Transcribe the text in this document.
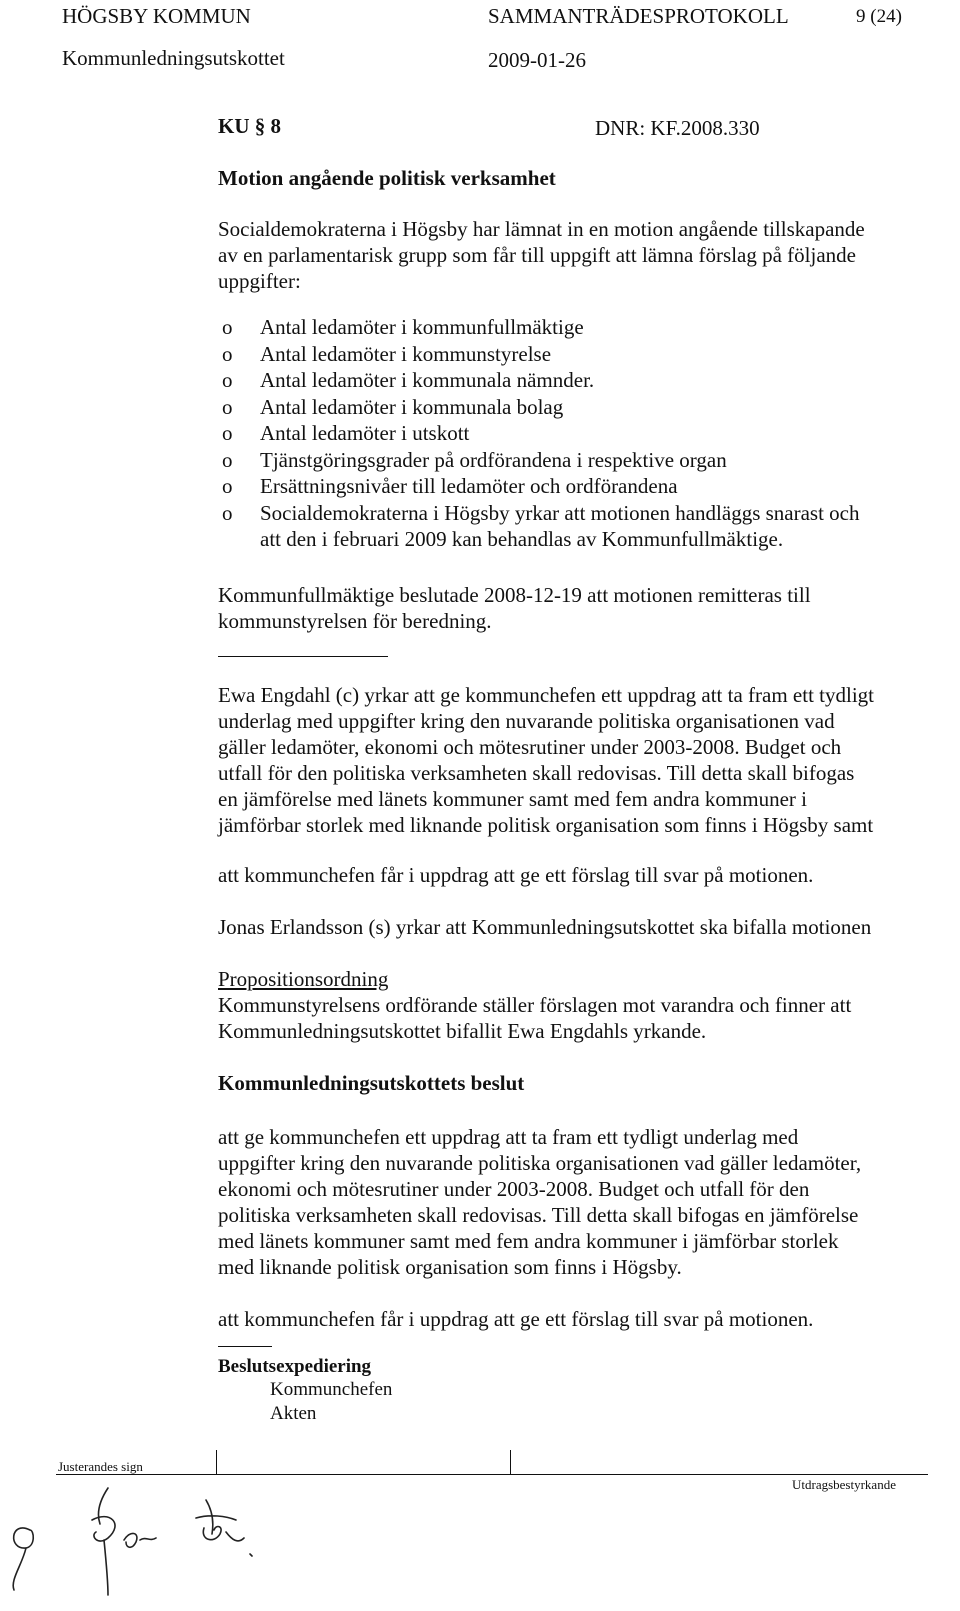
HÖGSBY KOMMUN	SAMMANTRÄDESPROTOKOLL	9 (24)
Kommunledningsutskottet	2009-01-26
KU § 8	DNR: KF.2008.330
Motion angående politisk verksamhet
Socialdemokraterna i Högsby har lämnat in en motion angående tillskapande
av en parlamentarisk grupp som får till uppgift att lämna förslag på följande
uppgifter:
o Antal ledamöter i kommunfullmäktige
o Antal ledamöter i kommunstyrelse
o Antal ledamöter i kommunala nämnder.
o Antal ledamöter i kommunala bolag
o Antal ledamöter i utskott
o Tjänstgöringsgrader på ordförandena i respektive organ
o Ersättningsnivåer till ledamöter och ordförandena
o Socialdemokraterna i Högsby yrkar att motionen handläggs snarast och
att den i februari 2009 kan behandlas av Kommunfullmäktige.
Kommunfullmäktige beslutade 2008-12-19 att motionen remitteras till
kommunstyrelsen för beredning.
Ewa Engdahl (c) yrkar att ge kommunchefen ett uppdrag att ta fram ett tydligt
underlag med uppgifter kring den nuvarande politiska organisationen vad
gäller ledamöter, ekonomi och mötesrutiner under 2003-2008. Budget och
utfall för den politiska verksamheten skall redovisas. Till detta skall bifogas
en jämförelse med länets kommuner samt med fem andra kommuner i
jämförbar storlek med liknande politisk organisation som finns i Högsby samt
att kommunchefen får i uppdrag att ge ett förslag till svar på motionen.
Jonas Erlandsson (s) yrkar att Kommunledningsutskottet ska bifalla motionen
Propositionsordning
Kommunstyrelsens ordförande ställer förslagen mot varandra och finner att
Kommunledningsutskottet bifallit Ewa Engdahls yrkande.
Kommunledningsutskottets beslut
att ge kommunchefen ett uppdrag att ta fram ett tydligt underlag med
uppgifter kring den nuvarande politiska organisationen vad gäller ledamöter,
ekonomi och mötesrutiner under 2003-2008. Budget och utfall för den
politiska verksamheten skall redovisas. Till detta skall bifogas en jämförelse
med länets kommuner samt med fem andra kommuner i jämförbar storlek
med liknande politisk organisation som finns i Högsby.
att kommunchefen får i uppdrag att ge ett förslag till svar på motionen.
Beslutsexpediering
Kommunchefen
Akten
Justerandes sign
Utdragsbestyrkande
